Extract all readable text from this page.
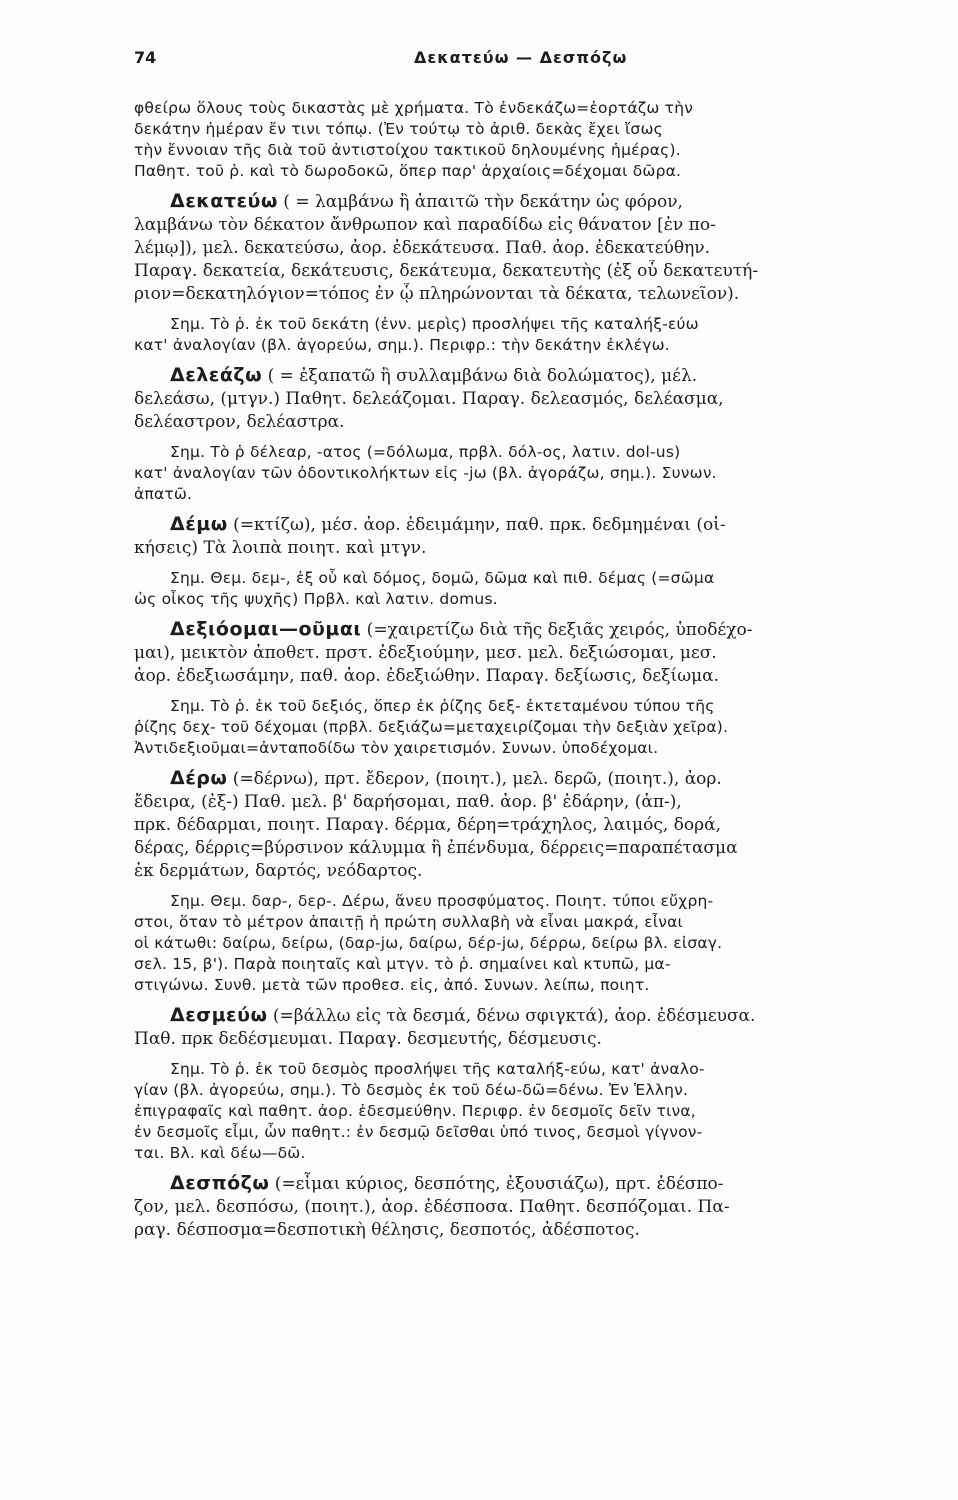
74	Δεκατεύω — Δεσπόζω
φθείρω ὅλους τοὺς δικαστὰς μὲ χρήματα. Τὸ ἐνδεκάζω=ἑορτάζω τὴν
δεκάτην ἡμέραν ἔν τινι τόπῳ. (Ἐν τούτῳ τὸ ἀριθ. δεκὰς ἔχει ἴσως
τὴν ἔννοιαν τῆς διὰ τοῦ ἀντιστοίχου τακτικοῦ δηλουμένης ἡμέρας).
Παθητ. τοῦ ῥ. καὶ τὸ δωροδοκῶ, ὅπερ παρ' ἀρχαίοις=δέχομαι δῶρα.
Δεκατεύω ( = λαμβάνω ἢ ἀπαιτῶ τὴν δεκάτην ὡς φόρον,
λαμβάνω τὸν δέκατον ἄνθρωπον καὶ παραδίδω εἰς θάνατον [ἐν πο-
λέμῳ]), μελ. δεκατεύσω, ἀορ. ἐδεκάτευσα. Παθ. ἀορ. ἐδεκατεύθην.
Παραγ. δεκατεία, δεκάτευσις, δεκάτευμα, δεκατευτὴς (ἐξ οὗ δεκατευτή-
ριον=δεκατηλόγιον=τόπος ἐν ᾧ πληρώνονται τὰ δέκατα, τελωνεῖον).
Σημ. Τὸ ῥ. ἐκ τοῦ δεκάτη (ἐνν. μερὶς) προσλήψει τῆς καταλήξ-εύω
κατ' ἀναλογίαν (βλ. ἀγορεύω, σημ.). Περιφρ.: τὴν δεκάτην ἐκλέγω.
Δελεάζω ( = ἐξαπατῶ ἢ συλλαμβάνω διὰ δολώματος), μέλ.
δελεάσω, (μτγν.) Παθητ. δελεάζομαι. Παραγ. δελεασμός, δελέασμα,
δελέαστρον, δελέαστρα.
Σημ. Τὸ ῥ δέλεαρ, -ατος (=δόλωμα, πρβλ. δόλ-ος, λατιν. dol-us)
κατ' ἀναλογίαν τῶν ὀδοντικολήκτων εἰς -jω (βλ. ἀγοράζω, σημ.). Συνων.
ἀπατῶ.
Δέμω (=κτίζω), μέσ. ἀορ. ἐδειμάμην, παθ. πρκ. δεδμημέναι (οἰ-
κήσεις) Τὰ λοιπὰ ποιητ. καὶ μτγν.
Σημ. Θεμ. δεμ-, ἐξ οὗ καὶ δόμος, δομῶ, δῶμα καὶ πιθ. δέμας (=σῶμα
ὡς οἶκος τῆς ψυχῆς) Πρβλ. καὶ λατιν. domus.
Δεξιόομαι—οῦμαι (=χαιρετίζω διὰ τῆς δεξιᾶς χειρός, ὑποδέχο-
μαι), μεικτὸν ἀποθετ. πρστ. ἐδεξιούμην, μεσ. μελ. δεξιώσομαι, μεσ.
ἀορ. ἐδεξιωσάμην, παθ. ἀορ. ἐδεξιώθην. Παραγ. δεξίωσις, δεξίωμα.
Σημ. Τὸ ῥ. ἐκ τοῦ δεξιός, ὅπερ ἐκ ῥίζης δεξ- ἐκτεταμένου τύπου τῆς
ῥίζης δεχ- τοῦ δέχομαι (πρβλ. δεξιάζω=μεταχειρίζομαι τὴν δεξιὰν χεῖρα).
Ἀντιδεξιοῦμαι=ἀνταποδίδω τὸν χαιρετισμόν. Συνων. ὑποδέχομαι.
Δέρω (=δέρνω), πρτ. ἔδερον, (ποιητ.), μελ. δερῶ, (ποιητ.), ἀορ.
ἔδειρα, (ἐξ-) Παθ. μελ. β' δαρήσομαι, παθ. ἀορ. β' ἐδάρην, (ἀπ-),
πρκ. δέδαρμαι, ποιητ. Παραγ. δέρμα, δέρη=τράχηλος, λαιμός, δορά,
δέρας, δέρρις=βύρσινον κάλυμμα ἢ ἐπένδυμα, δέρρεις=παραπέτασμα
ἐκ δερμάτων, δαρτός, νεόδαρτος.
Σημ. Θεμ. δαρ-, δερ-. Δέρω, ἄνευ προσφύματος. Ποιητ. τύποι εὔχρη-
στοι, ὅταν τὸ μέτρον ἀπαιτῇ ἡ πρώτη συλλαβὴ νὰ εἶναι μακρά, εἶναι
οἱ κάτωθι: δαίρω, δείρω, (δαρ-jω, δαίρω, δέρ-jω, δέρρω, δείρω βλ. εἰσαγ.
σελ. 15, β'). Παρὰ ποιηταῖς καὶ μτγν. τὸ ῥ. σημαίνει καὶ κτυπῶ, μα-
στιγώνω. Συνθ. μετὰ τῶν προθεσ. εἰς, ἀπό. Συνων. λείπω, ποιητ.
Δεσμεύω (=βάλλω εἰς τὰ δεσμά, δένω σφιγκτά), ἀορ. ἐδέσμευσα.
Παθ. πρκ δεδέσμευμαι. Παραγ. δεσμευτής, δέσμευσις.
Σημ. Τὸ ῥ. ἐκ τοῦ δεσμὸς προσλήψει τῆς καταλήξ-εύω, κατ' ἀναλο-
γίαν (βλ. ἀγορεύω, σημ.). Τὸ δεσμὸς ἐκ τοῦ δέω-δῶ=δένω. Ἐν Ἑλλην.
ἐπιγραφαῖς καὶ παθητ. ἀορ. ἐδεσμεύθην. Περιφρ. ἐν δεσμοῖς δεῖν τινα,
ἐν δεσμοῖς εἶμι, ὧν παθητ.: ἐν δεσμῷ δεῖσθαι ὑπό τινος, δεσμοὶ γίγνον-
ται. Βλ. καὶ δέω—δῶ.
Δεσπόζω (=εἶμαι κύριος, δεσπότης, ἐξουσιάζω), πρτ. ἐδέσπο-
ζον, μελ. δεσπόσω, (ποιητ.), ἀορ. ἐδέσποσα. Παθητ. δεσπόζομαι. Πα-
ραγ. δέσποσμα=δεσποτικὴ θέλησις, δεσποτός, ἀδέσποτος.
